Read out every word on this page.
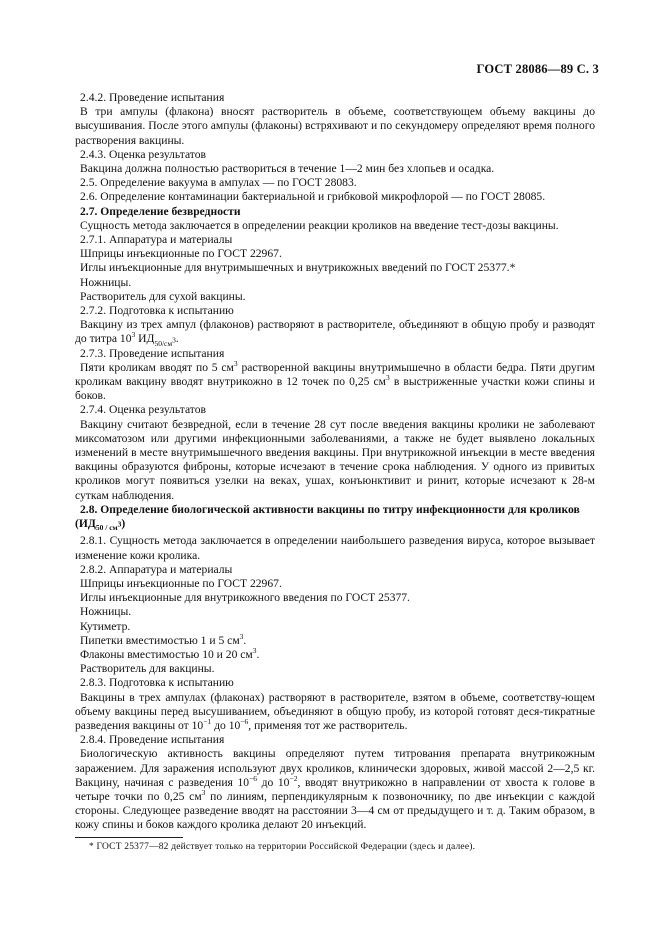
ГОСТ 28086—89 С. 3

2.4.2. Проведение испытания

В три ампулы (флакона) вносят растворитель в объеме, соответствующем объему вакцины до высушивания. После этого ампулы (флаконы) встряхивают и по секундомеру определяют время полного растворения вакцины.

2.4.3. Оценка результатов

Вакцина должна полностью раствориться в течение 1—2 мин без хлопьев и осадка.

2.5. Определение вакуума в ампулах — по ГОСТ 28083.

2.6. Определение контаминации бактериальной и грибковой микрофлорой — по ГОСТ 28085.

2.7. Определение безвредности

Сущность метода заключается в определении реакции кроликов на введение тест-дозы вакцины.

2.7.1. Аппаратура и материалы

Шприцы инъекционные по ГОСТ 22967.

Иглы инъекционные для внутримышечных и внутрикожных введений по ГОСТ 25377.*

Ножницы.

Растворитель для сухой вакцины.

2.7.2. Подготовка к испытанию

Вакцину из трех ампул (флаконов) растворяют в растворителе, объединяют в общую пробу и разводят до титра $10^3$ $ИД_{50/см^3}$.

2.7.3. Проведение испытания

Пяти кроликам вводят по 5 $см^3$ растворенной вакцины внутримышечно в области бедра. Пяти другим кроликам вакцину вводят внутрикожно в 12 точек по 0,25 $см^3$ в выстриженные участки кожи спины и боков.

2.7.4. Оценка результатов

Вакцину считают безвредной, если в течение 28 сут после введения вакцины кролики не заболевают миксоматозом или другими инфекционными заболеваниями, а также не будет выявлено локальных изменений в месте внутримышечного введения вакцины. При внутрикожной инъекции в месте введения вакцины образуются фиброны, которые исчезают в течение срока наблюдения. У одного из привитых кроликов могут появиться узелки на веках, ушах, конъюнктивит и ринит, которые исчезают к 28-м суткам наблюдения.

2.8. Определение биологической активности вакцины по титру инфекционности для кроликов
$(ИД_{50 / см^3})$

2.8.1. Сущность метода заключается в определении наибольшего разведения вируса, которое вызывает изменение кожи кролика.

2.8.2. Аппаратура и материалы

Шприцы инъекционные по ГОСТ 22967.

Иглы инъекционные для внутрикожного введения по ГОСТ 25377.

Ножницы.

Кутиметр.

Пипетки вместимостью 1 и 5 $см^3$.

Флаконы вместимостью 10 и 20 $см^3$.

Растворитель для вакцины.

2.8.3. Подготовка к испытанию

Вакцины в трех ампулах (флаконах) растворяют в растворителе, взятом в объеме, соответству-ющем объему вакцины перед высушиванием, объединяют в общую пробу, из которой готовят деся-тикратные разведения вакцины от $10^{-1}$ до $10^{-6}$, применяя тот же растворитель.

2.8.4. Проведение испытания

Биологическую активность вакцины определяют путем титрования препарата внутрикожным заражением. Для заражения используют двух кроликов, клинически здоровых, живой массой 2—2,5 кг. Вакцину, начиная с разведения $10^{-6}$ до $10^{-2}$, вводят внутрикожно в направлении от хвоста к голове в четыре точки по 0,25 $см^3$ по линиям, перпендикулярным к позвоночнику, по две инъекции с каждой стороны. Следующее разведение вводят на расстоянии 3—4 см от предыдущего и т. д. Таким образом, в кожу спины и боков каждого кролика делают 20 инъекций.

* ГОСТ 25377—82 действует только на территории Российской Федерации (здесь и далее).
